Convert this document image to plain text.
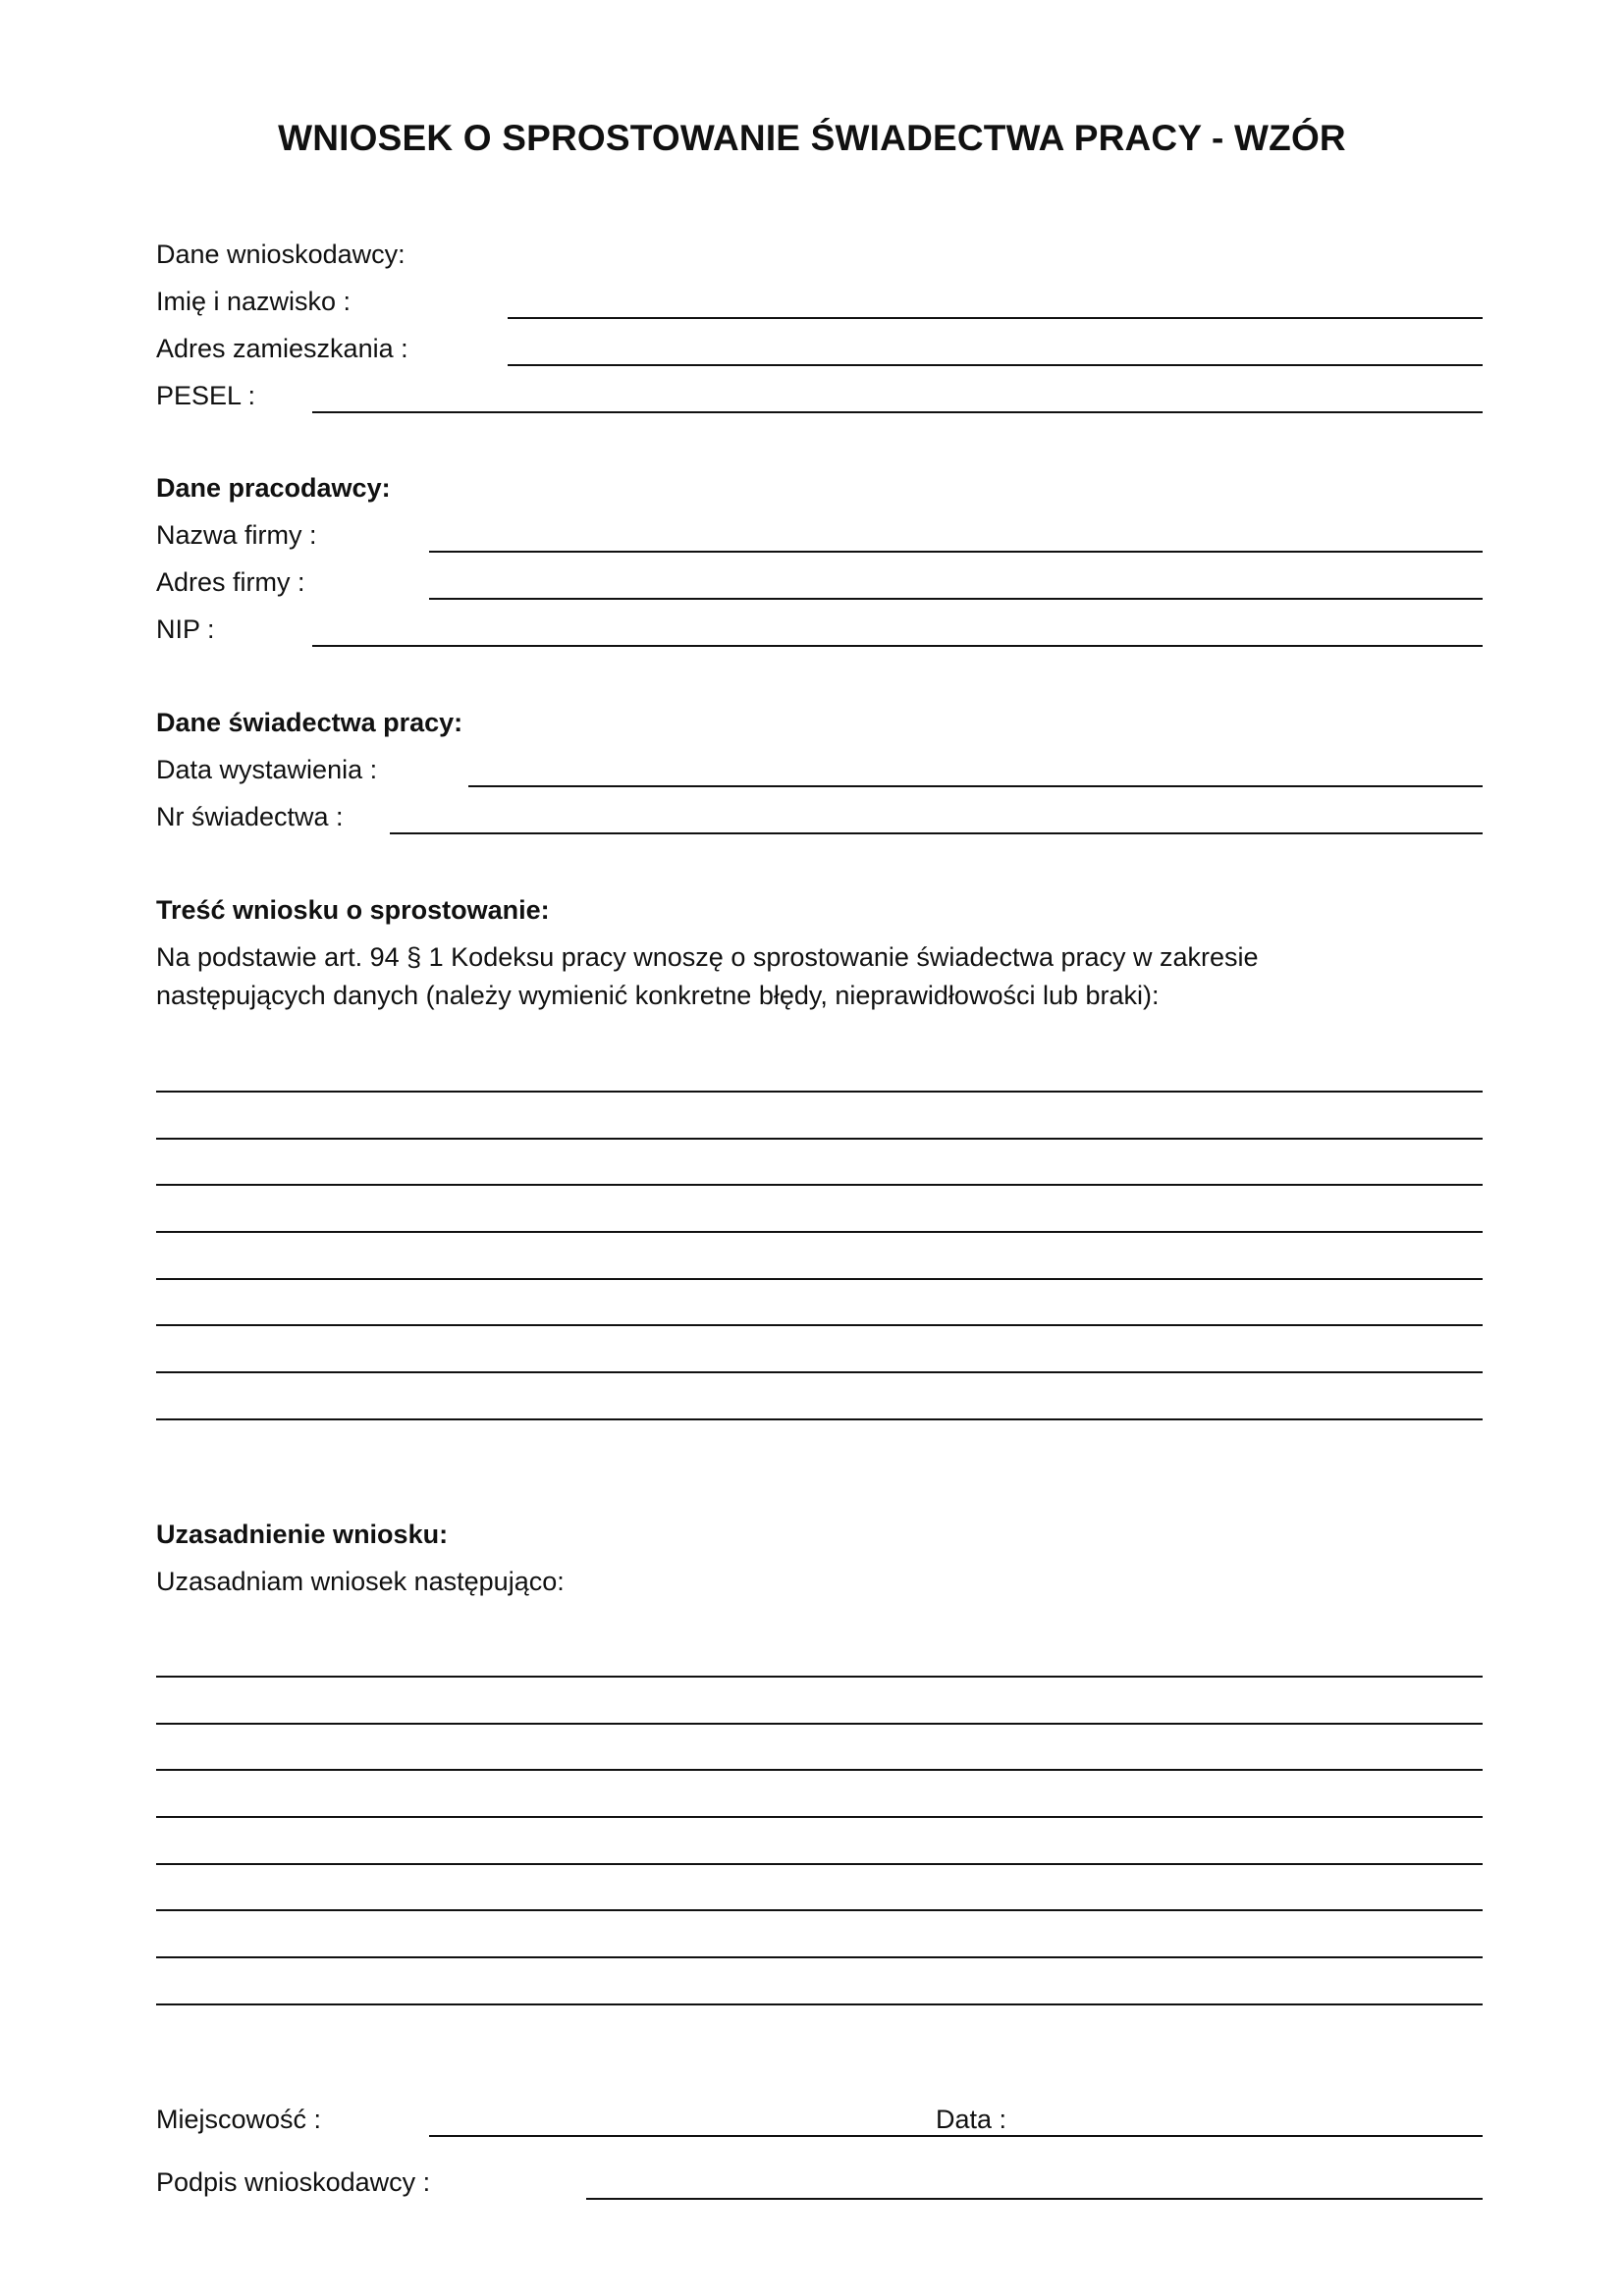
WNIOSEK O SPROSTOWANIE ŚWIADECTWA PRACY - WZÓR
Dane wnioskodawcy:
Imię i nazwisko :
Adres zamieszkania :
PESEL :
Dane pracodawcy:
Nazwa firmy :
Adres firmy :
NIP :
Dane świadectwa pracy:
Data wystawienia :
Nr świadectwa :
Treść wniosku o sprostowanie:
Na podstawie art. 94 § 1 Kodeksu pracy wnoszę o sprostowanie świadectwa pracy w zakresie
następujących danych (należy wymienić konkretne błędy, nieprawidłowości lub braki):
Uzasadnienie wniosku:
Uzasadniam wniosek następująco:
Miejscowość :	Data :
Podpis wnioskodawcy :
